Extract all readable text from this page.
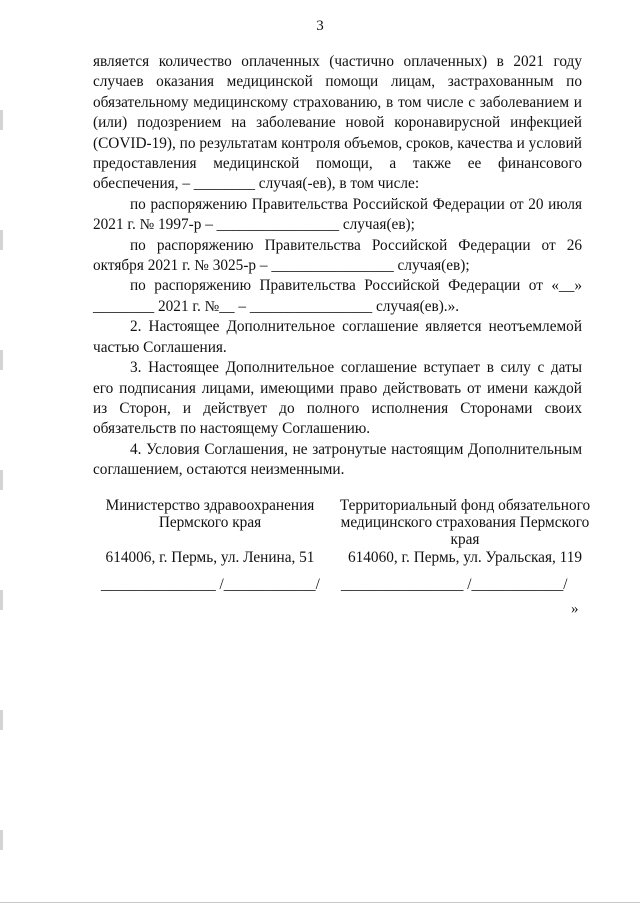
3

является количество оплаченных (частично оплаченных) в 2021 году случаев оказания медицинской помощи лицам, застрахованным по обязательному медицинскому страхованию, в том числе с заболеванием и (или) подозрением на заболевание новой коронавирусной инфекцией (COVID-19), по результатам контроля объемов, сроков, качества и условий предоставления медицинской помощи, а также ее финансового обеспечения, – ________ случая(-ев), в том числе:

по распоряжению Правительства Российской Федерации от 20 июля 2021 г. № 1997-р – ________________ случая(ев);

по распоряжению Правительства Российской Федерации от 26 октября 2021 г. № 3025-р – ________________ случая(ев);

по распоряжению Правительства Российской Федерации от «__» ________ 2021 г. №__ – ________________ случая(ев).».

2. Настоящее Дополнительное соглашение является неотъемлемой частью Соглашения.

3. Настоящее Дополнительное соглашение вступает в силу с даты его подписания лицами, имеющими право действовать от имени каждой из Сторон, и действует до полного исполнения Сторонами своих обязательств по настоящему Соглашению.

4. Условия Соглашения, не затронутые настоящим Дополнительным соглашением, остаются неизменными.

Министерство здравоохранения Пермского края
614006, г. Пермь, ул. Ленина, 51
_______________ /____________/
Территориальный фонд обязательного медицинского страхования Пермского края
614060, г. Пермь, ул. Уральская, 119
________________ /____________/
»
